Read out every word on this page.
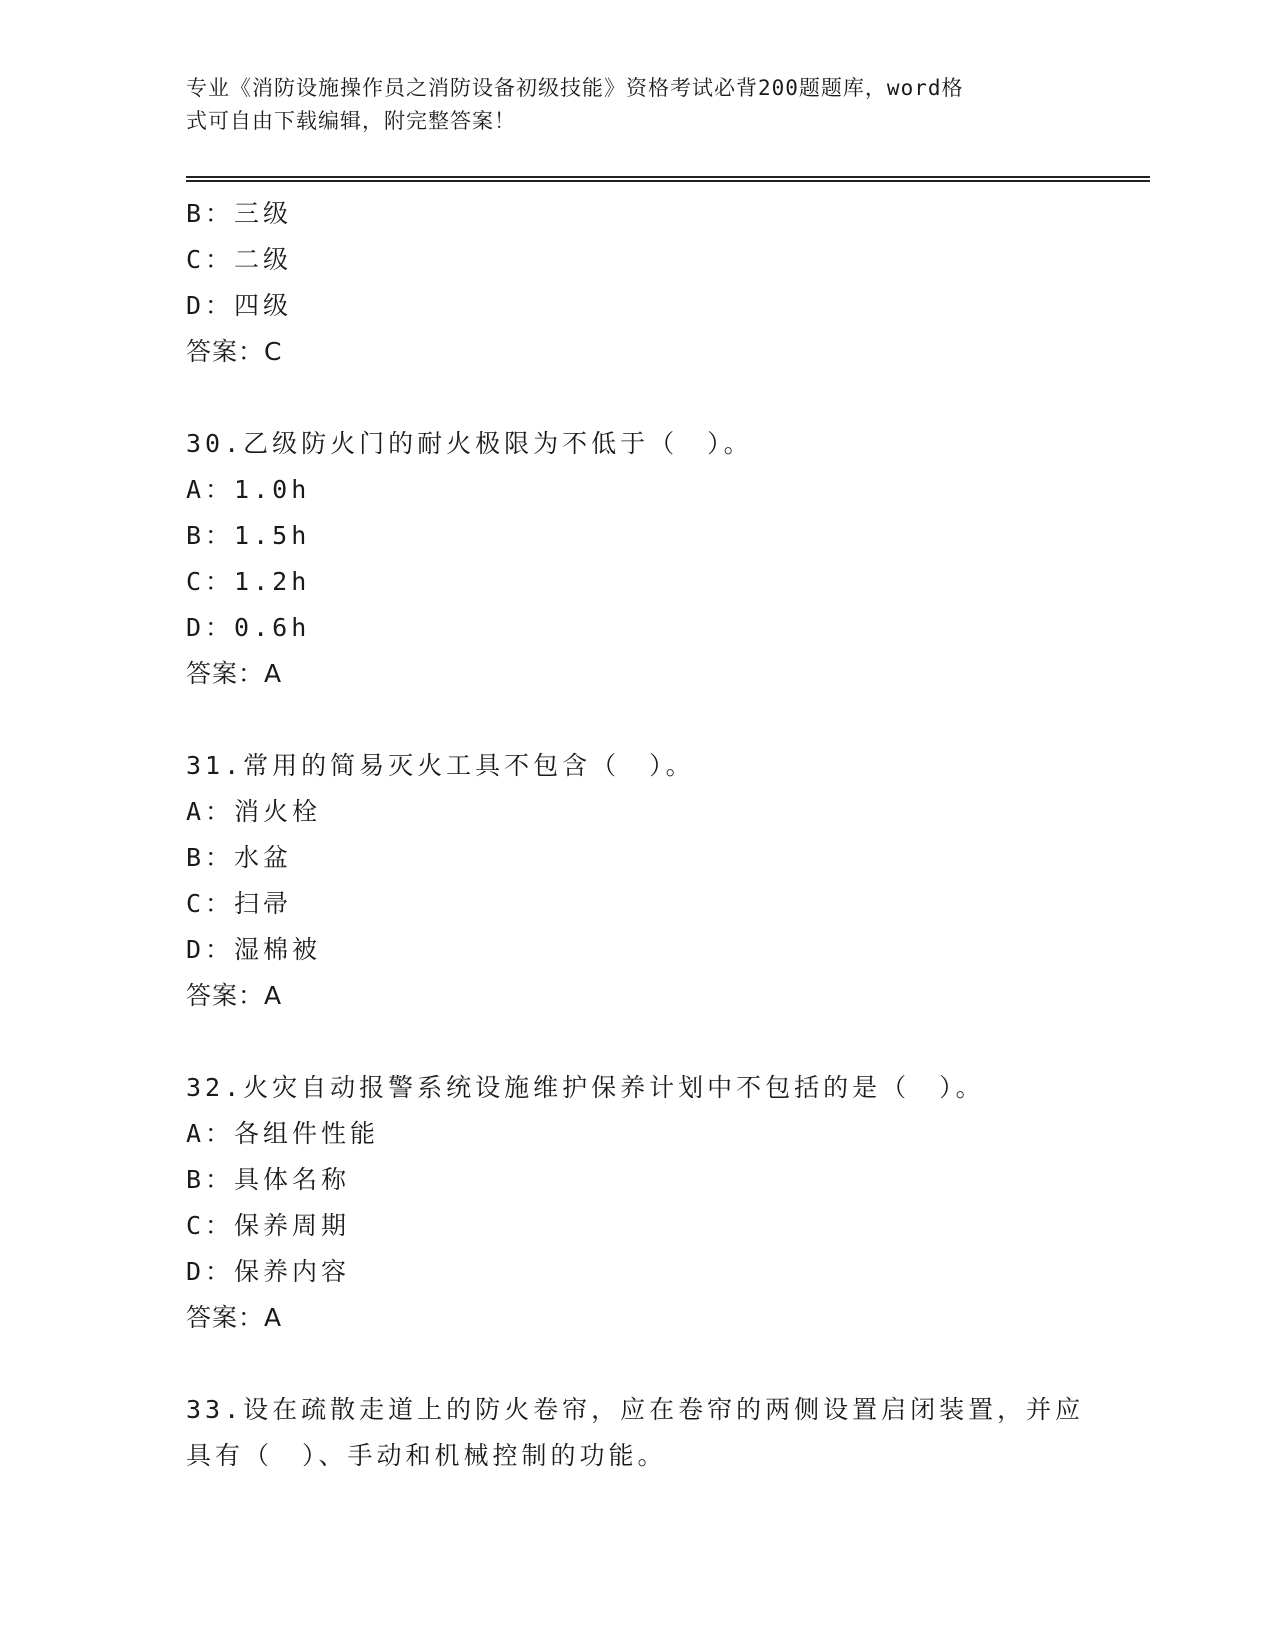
专业《消防设施操作员之消防设备初级技能》资格考试必背200题题库，word格
式可自由下载编辑，附完整答案！
B：三级
C：二级
D：四级
答案：C
30.乙级防火门的耐火极限为不低于（　）。
A：1.0h
B：1.5h
C：1.2h
D：0.6h
答案：A
31.常用的简易灭火工具不包含（　）。
A：消火栓
B：水盆
C：扫帚
D：湿棉被
答案：A
32.火灾自动报警系统设施维护保养计划中不包括的是（　）。
A：各组件性能
B：具体名称
C：保养周期
D：保养内容
答案：A
33.设在疏散走道上的防火卷帘，应在卷帘的两侧设置启闭装置，并应
具有（　）、手动和机械控制的功能。
